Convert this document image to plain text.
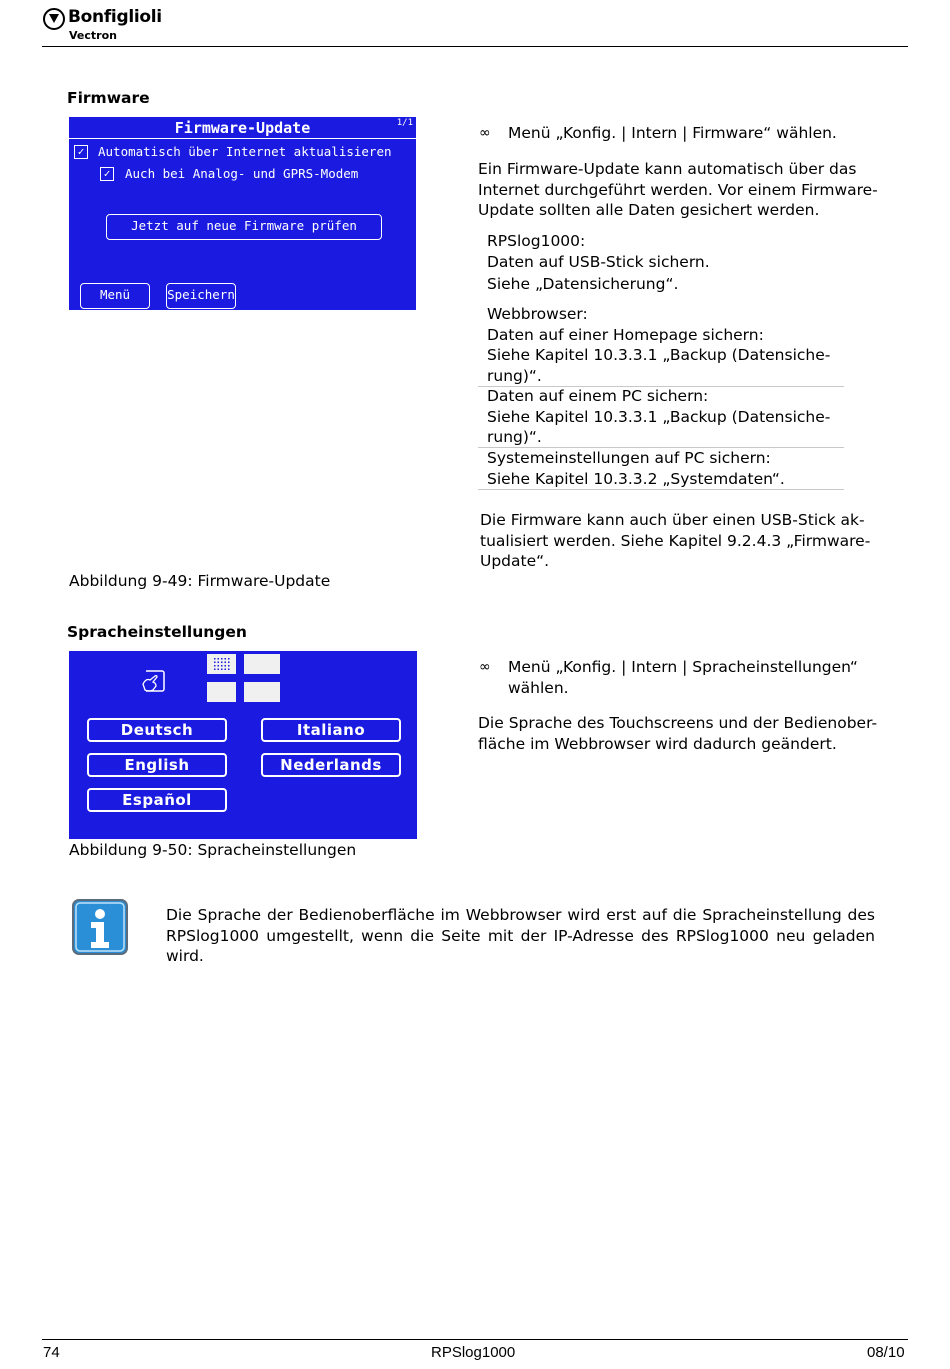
Bonfiglioli
Vectron
Firmware
Firmware-Update	1/1
✓ Automatisch über Internet aktualisieren
✓ Auch bei Analog- und GPRS-Modem
Jetzt auf neue Firmware prüfen
Menü	Speichern
Abbildung 9-49: Firmware-Update
∞ Menü „Konfig. | Intern | Firmware“ wählen.
Ein Firmware-Update kann automatisch über das
Internet durchgeführt werden. Vor einem Firmware-
Update sollten alle Daten gesichert werden.
RPSlog1000:
Daten auf USB-Stick sichern.
Siehe „Datensicherung“.
Webbrowser:
Daten auf einer Homepage sichern:
Siehe Kapitel 10.3.3.1 „Backup (Datensiche-
rung)“.
Daten auf einem PC sichern:
Siehe Kapitel 10.3.3.1 „Backup (Datensiche-
rung)“.
Systemeinstellungen auf PC sichern:
Siehe Kapitel 10.3.3.2 „Systemdaten“.
Die Firmware kann auch über einen USB-Stick ak-
tualisiert werden. Siehe Kapitel 9.2.4.3 „Firmware-
Update“.
Spracheinstellungen
Deutsch	Italiano
English	Nederlands
Español
Abbildung 9-50: Spracheinstellungen
∞ Menü „Konfig. | Intern | Spracheinstellungen“
wählen.
Die Sprache des Touchscreens und der Bedienober-
fläche im Webbrowser wird dadurch geändert.
Die Sprache der Bedienoberfläche im Webbrowser wird erst auf die Spracheinstellung des RPSlog1000 umgestellt, wenn die Seite mit der IP-Adresse des RPSlog1000 neu geladen wird.
74	RPSlog1000	08/10
